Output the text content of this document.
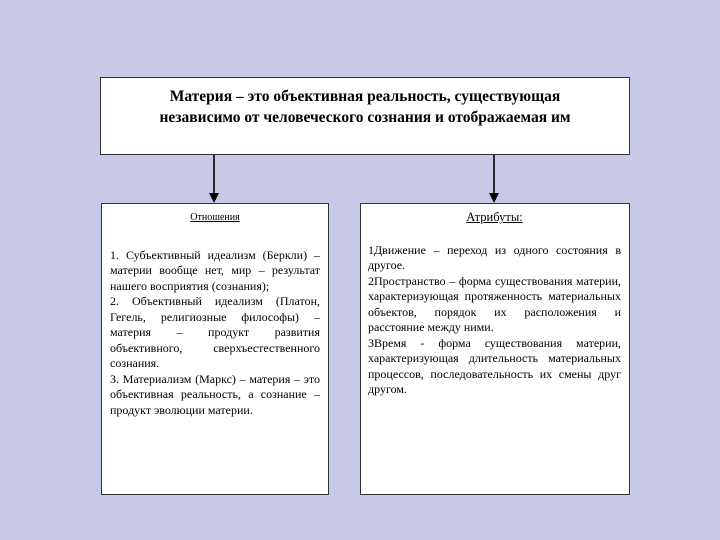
Материя – это объективная реальность, существующая
независимо от человеческого сознания и отображаемая им
Отношения

1. Субъективный идеализм (Беркли) – материи вообще нет, мир – результат нашего восприятия (сознания);

2. Объективный идеализм (Платон, Гегель, религиозные философы) – материя – продукт развития объективного, сверхъестественного сознания.

3. Материализм (Маркс) – материя – это объективная реальность, а сознание – продукт эволюции материи.

Атрибуты:

1Движение – переход из одного состояния в другое.

2Пространство – форма существования материи, характеризующая протяженность материальных объектов, порядок их расположения и расстояние между ними.

3Время - форма существования материи, характеризующая длительность материальных процессов, последовательность их смены друг другом.
